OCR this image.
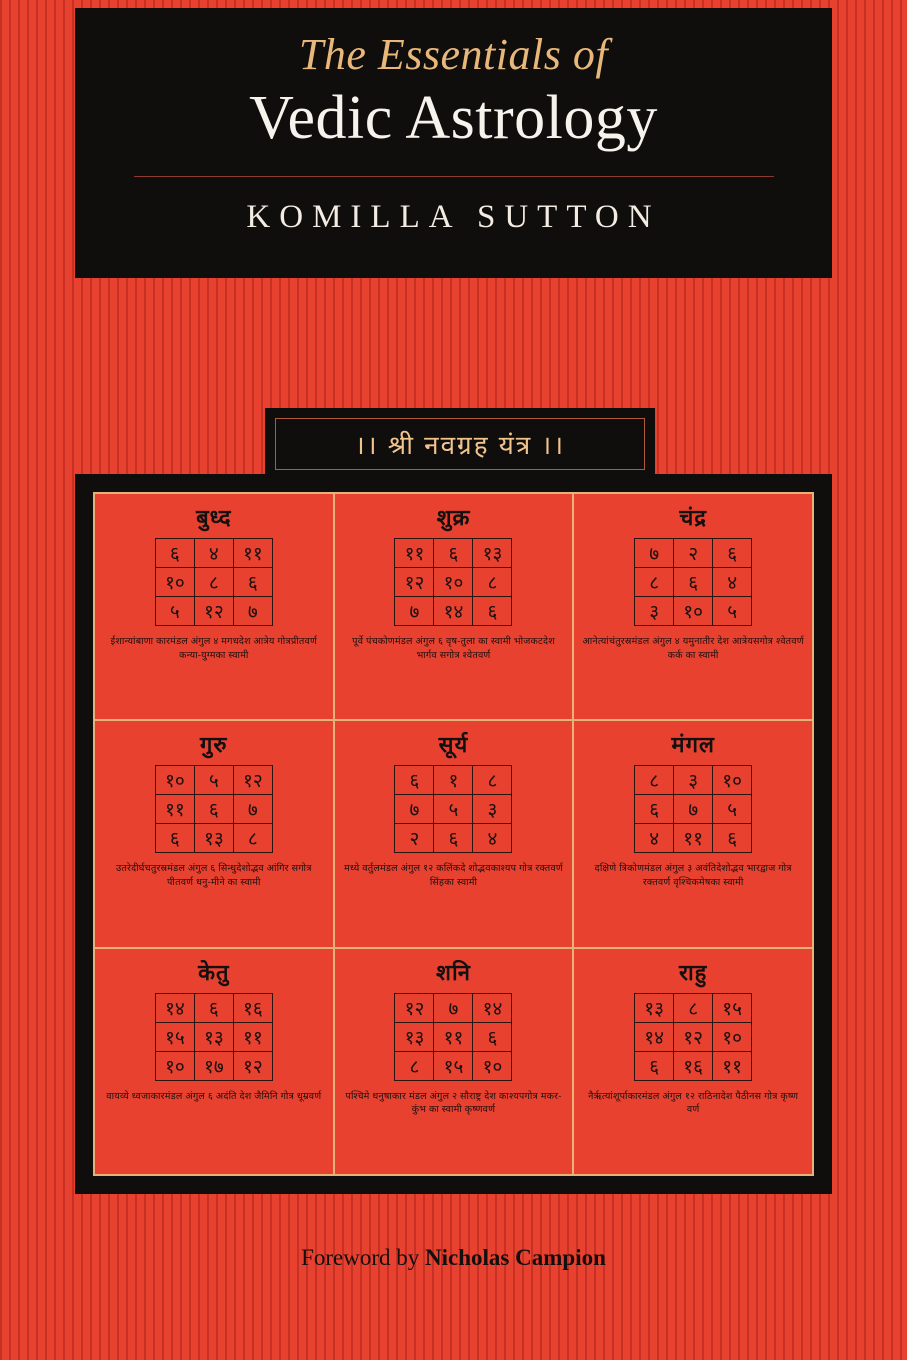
The Essentials of
Vedic Astrology
KOMILLA SUTTON
।। श्री नवग्रह यंत्र ।।
बुध्द
६	४	११
१०	८	६
५	१२	७
ईशान्यांबाणा कारमंडल अंगुल ४ मगधदेश आत्रेय गोत्रप्रीतवर्ण कन्या-युग्मका स्वामी
शुक्र
११	६	१३
१२	१०	८
७	१४	६
पूर्वे पंचकोणमंडल अंगुल ६ वृष-तुला का स्वामी भोजकटदेश भार्गव सगोत्र श्वेतवर्ण
चंद्र
७	२	६
८	६	४
३	१०	५
आनेत्यांचंतुरस्रमंडल अंगुल ४ यमुनातीर देश आत्रेयसगोत्र श्वेतवर्ण कर्क का स्वामी
गुरु
१०	५	१२
११	६	७
६	१३	८
उतरेदीर्घचतुरस्रमंडल अंगुल ६ सिन्धुदेशोद्भव आंगिर सगोत्र पीतवर्ण धनु-मीने का स्वामी
सूर्य
६	१	८
७	५	३
२	६	४
मध्ये वर्तुलमंडल अंगुल १२ कलिंकदे शोद्भवकाश्यप गोत्र रक्तवर्ण सिंहका स्वामी
मंगल
८	३	१०
६	७	५
४	११	६
दक्षिणे त्रिकोणमंडल अंगुल ३ अवंतिदेशोद्भव भारद्वाज गोत्र रक्तवर्ण वृश्चिकमेषका स्वामी
केतु
१४	६	१६
१५	१३	११
१०	१७	१२
वायव्ये ध्वजाकारमंडल अंगुल ६ अदंति देश जैमिनि गोत्र धूम्रवर्ण
शनि
१२	७	१४
१३	११	६
८	१५	१०
पश्चिमे धनुषाकार मंडल अंगुल २ सौराष्ट्र देश काश्यपगोत्र मकर-कुंभ का स्वामी कृष्णवर्ण
राहु
१३	८	१५
१४	१२	१०
६	१६	११
नैर्ऋत्यांशूर्पाकारमंडल अंगुल १२ राठिनादेश पैठीनस गोत्र कृष्ण वर्ण
Foreword by Nicholas Campion
